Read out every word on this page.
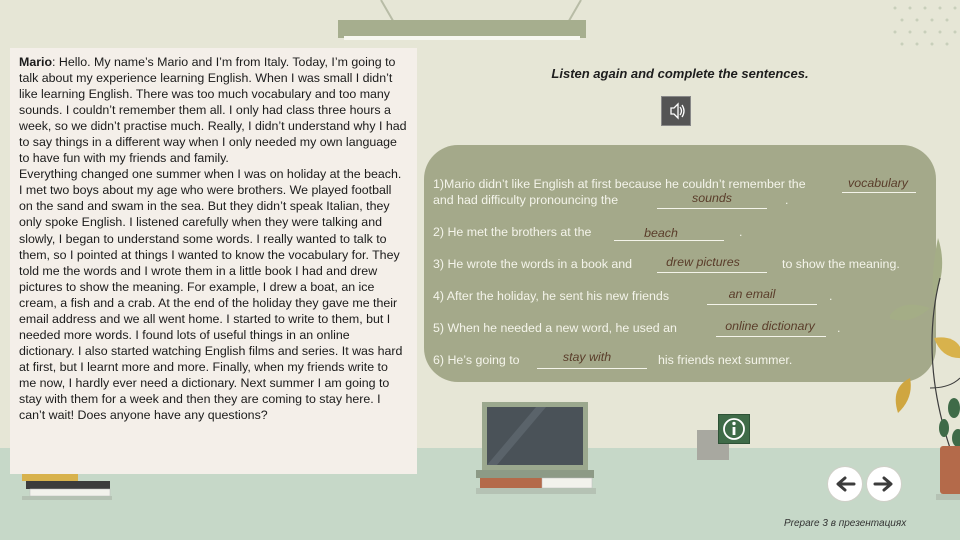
Mario: Hello. My name’s Mario and I’m from Italy. Today, I’m going to talk about my experience learning English. When I was small I didn’t like learning English. There was too much vocabulary and too many sounds. I couldn’t remember them all. I only had class three hours a week, so we didn’t practise much. Really, I didn’t understand why I had to say things in a different way when I only needed my own language to have fun with my friends and family.

Everything changed one summer when I was on holiday at the beach. I met two boys about my age who were brothers. We played football on the sand and swam in the sea. But they didn’t speak Italian, they only spoke English. I listened carefully when they were talking and slowly, I began to understand some words. I really wanted to talk to them, so I pointed at things I wanted to know the vocabulary for. They told me the words and I wrote them in a little book I had and drew pictures to show the meaning. For example, I drew a boat, an ice cream, a fish and a crab. At the end of the holiday they gave me their email address and we all went home. I started to write to them, but I needed more words. I found lots of useful things in an online dictionary. I also started watching English films and series. It was hard at first, but I learnt more and more. Finally, when my friends write to me now, I hardly ever need a dictionary. Next summer I am going to stay with them for a week and then they are coming to stay here. I can’t wait! Does anyone have any questions?

Listen again and complete the sentences.
1)Mario didn’t like English at first because he couldn’t remember the	vocabulary
and had difficulty pronouncing the	sounds	.
2) He met the brothers at the	beach	.
3) He wrote the words in a book and	drew pictures	to show the meaning.
4) After the holiday, he sent his new friends	an email	.
5) When he needed a new word, he used an	online dictionary	.
6) He’s going to	stay with	his friends next summer.
Prepare 3 в презентациях
